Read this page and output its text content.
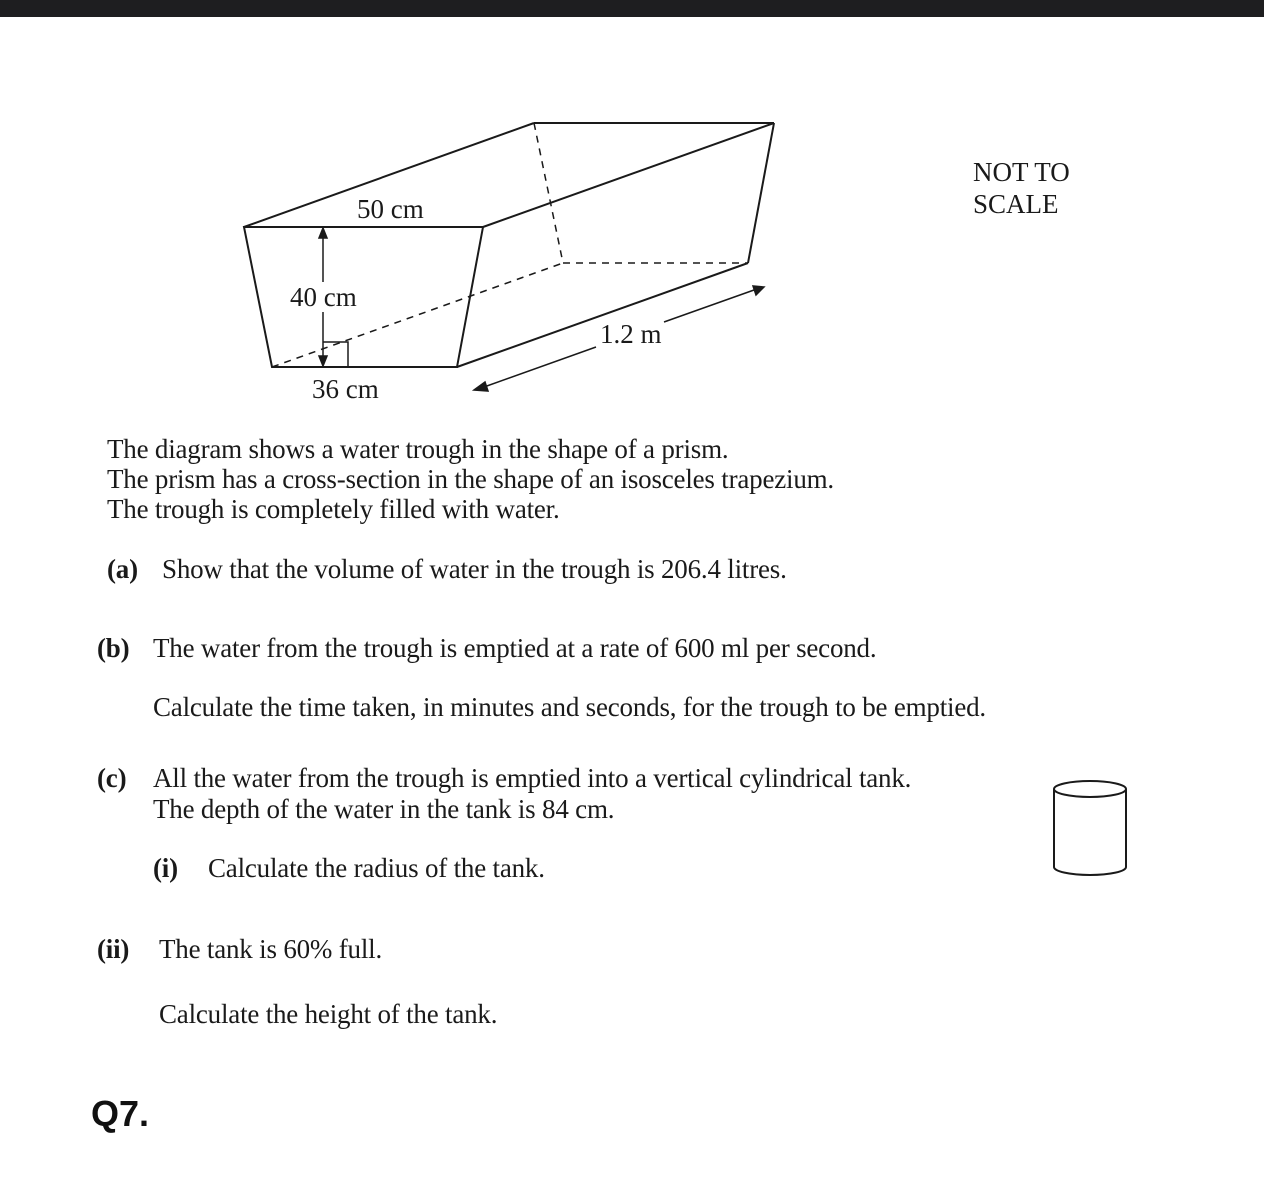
50 cm
40 cm
36 cm
1.2 m
NOT TO
SCALE
The diagram shows a water trough in the shape of a prism.
The prism has a cross-section in the shape of an isosceles trapezium.
The trough is completely filled with water.
(a) Show that the volume of water in the trough is 206.4 litres.
(b) The water from the trough is emptied at a rate of 600 ml per second.
Calculate the time taken, in minutes and seconds, for the trough to be emptied.
(c) All the water from the trough is emptied into a vertical cylindrical tank.
The depth of the water in the tank is 84 cm.
(i) Calculate the radius of the tank.
(ii) The tank is 60% full.
Calculate the height of the tank.
Q7.
